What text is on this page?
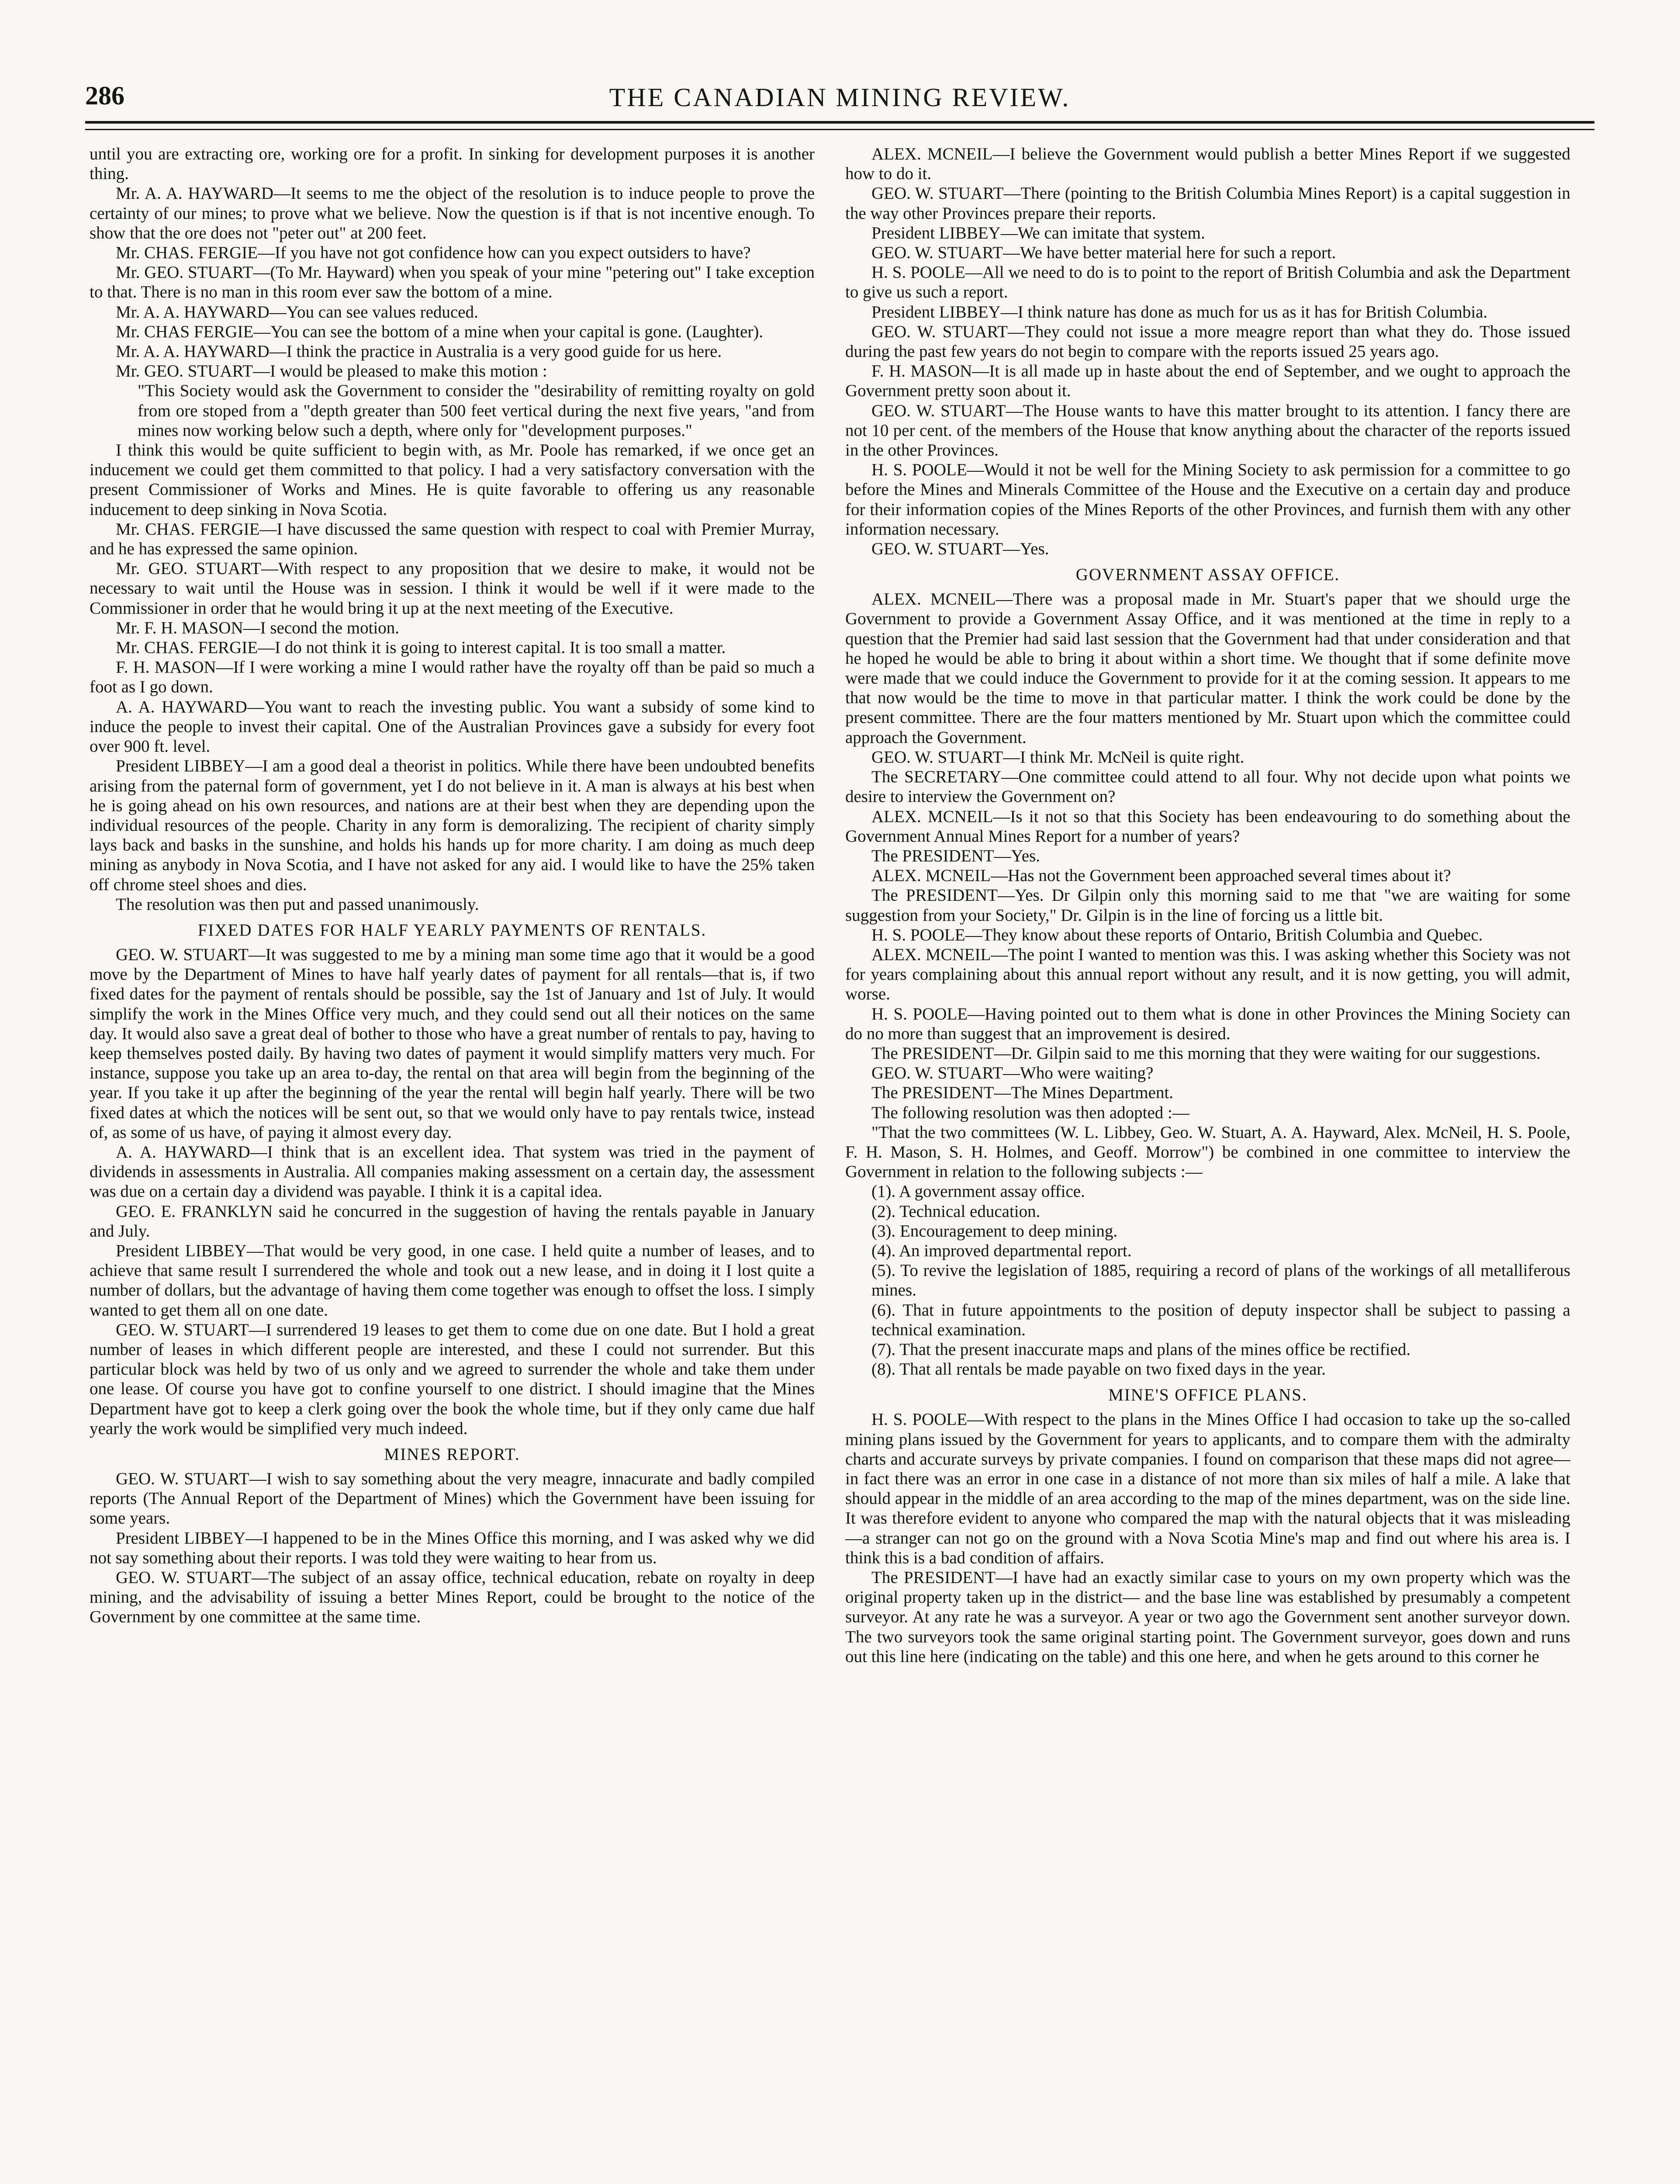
286	THE CANADIAN MINING REVIEW.

until you are extracting ore, working ore for a profit. In sinking for development purposes it is another thing.

Mr. A. A. HAYWARD—It seems to me the object of the resolution is to induce people to prove the certainty of our mines; to prove what we believe. Now the question is if that is not incentive enough. To show that the ore does not "peter out" at 200 feet.

Mr. CHAS. FERGIE—If you have not got confidence how can you expect outsiders to have?

Mr. GEO. STUART—(To Mr. Hayward) when you speak of your mine "petering out" I take exception to that. There is no man in this room ever saw the bottom of a mine.

Mr. A. A. HAYWARD—You can see values reduced.

Mr. CHAS FERGIE—You can see the bottom of a mine when your capital is gone. (Laughter).

Mr. A. A. HAYWARD—I think the practice in Australia is a very good guide for us here.

Mr. GEO. STUART—I would be pleased to make this motion :

"This Society would ask the Government to consider the "desirability of remitting royalty on gold from ore stoped from a "depth greater than 500 feet vertical during the next five years, "and from mines now working below such a depth, where only for "development purposes."

I think this would be quite sufficient to begin with, as Mr. Poole has remarked, if we once get an inducement we could get them committed to that policy. I had a very satisfactory conversation with the present Commissioner of Works and Mines. He is quite favorable to offering us any reasonable inducement to deep sinking in Nova Scotia.

Mr. CHAS. FERGIE—I have discussed the same question with respect to coal with Premier Murray, and he has expressed the same opinion.

Mr. GEO. STUART—With respect to any proposition that we desire to make, it would not be necessary to wait until the House was in session. I think it would be well if it were made to the Commissioner in order that he would bring it up at the next meeting of the Executive.

Mr. F. H. MASON—I second the motion.

Mr. CHAS. FERGIE—I do not think it is going to interest capital. It is too small a matter.

F. H. MASON—If I were working a mine I would rather have the royalty off than be paid so much a foot as I go down.

A. A. HAYWARD—You want to reach the investing public. You want a subsidy of some kind to induce the people to invest their capital. One of the Australian Provinces gave a subsidy for every foot over 900 ft. level.

President LIBBEY—I am a good deal a theorist in politics. While there have been undoubted benefits arising from the paternal form of government, yet I do not believe in it. A man is always at his best when he is going ahead on his own resources, and nations are at their best when they are depending upon the individual resources of the people. Charity in any form is demoralizing. The recipient of charity simply lays back and basks in the sunshine, and holds his hands up for more charity. I am doing as much deep mining as anybody in Nova Scotia, and I have not asked for any aid. I would like to have the 25% taken off chrome steel shoes and dies.

The resolution was then put and passed unanimously.

FIXED DATES FOR HALF YEARLY PAYMENTS OF RENTALS.

GEO. W. STUART—It was suggested to me by a mining man some time ago that it would be a good move by the Department of Mines to have half yearly dates of payment for all rentals—that is, if two fixed dates for the payment of rentals should be possible, say the 1st of January and 1st of July. It would simplify the work in the Mines Office very much, and they could send out all their notices on the same day. It would also save a great deal of bother to those who have a great number of rentals to pay, having to keep themselves posted daily. By having two dates of payment it would simplify matters very much. For instance, suppose you take up an area to-day, the rental on that area will begin from the beginning of the year. If you take it up after the beginning of the year the rental will begin half yearly. There will be two fixed dates at which the notices will be sent out, so that we would only have to pay rentals twice, instead of, as some of us have, of paying it almost every day.

A. A. HAYWARD—I think that is an excellent idea. That system was tried in the payment of dividends in assessments in Australia. All companies making assessment on a certain day, the assessment was due on a certain day a dividend was payable. I think it is a capital idea.

GEO. E. FRANKLYN said he concurred in the suggestion of having the rentals payable in January and July.

President LIBBEY—That would be very good, in one case. I held quite a number of leases, and to achieve that same result I surrendered the whole and took out a new lease, and in doing it I lost quite a number of dollars, but the advantage of having them come together was enough to offset the loss. I simply wanted to get them all on one date.

GEO. W. STUART—I surrendered 19 leases to get them to come due on one date. But I hold a great number of leases in which different people are interested, and these I could not surrender. But this particular block was held by two of us only and we agreed to surrender the whole and take them under one lease. Of course you have got to confine yourself to one district. I should imagine that the Mines Department have got to keep a clerk going over the book the whole time, but if they only came due half yearly the work would be simplified very much indeed.

MINES REPORT.

GEO. W. STUART—I wish to say something about the very meagre, innacurate and badly compiled reports (The Annual Report of the Department of Mines) which the Government have been issuing for some years.

President LIBBEY—I happened to be in the Mines Office this morning, and I was asked why we did not say something about their reports. I was told they were waiting to hear from us.

GEO. W. STUART—The subject of an assay office, technical education, rebate on royalty in deep mining, and the advisability of issuing a better Mines Report, could be brought to the notice of the Government by one committee at the same time.

ALEX. MCNEIL—I believe the Government would publish a better Mines Report if we suggested how to do it.

GEO. W. STUART—There (pointing to the British Columbia Mines Report) is a capital suggestion in the way other Provinces prepare their reports.

President LIBBEY—We can imitate that system.

GEO. W. STUART—We have better material here for such a report.

H. S. POOLE—All we need to do is to point to the report of British Columbia and ask the Department to give us such a report.

President LIBBEY—I think nature has done as much for us as it has for British Columbia.

GEO. W. STUART—They could not issue a more meagre report than what they do. Those issued during the past few years do not begin to compare with the reports issued 25 years ago.

F. H. MASON—It is all made up in haste about the end of September, and we ought to approach the Government pretty soon about it.

GEO. W. STUART—The House wants to have this matter brought to its attention. I fancy there are not 10 per cent. of the members of the House that know anything about the character of the reports issued in the other Provinces.

H. S. POOLE—Would it not be well for the Mining Society to ask permission for a committee to go before the Mines and Minerals Committee of the House and the Executive on a certain day and produce for their information copies of the Mines Reports of the other Provinces, and furnish them with any other information necessary.

GEO. W. STUART—Yes.

GOVERNMENT ASSAY OFFICE.

ALEX. MCNEIL—There was a proposal made in Mr. Stuart's paper that we should urge the Government to provide a Government Assay Office, and it was mentioned at the time in reply to a question that the Premier had said last session that the Government had that under consideration and that he hoped he would be able to bring it about within a short time. We thought that if some definite move were made that we could induce the Government to provide for it at the coming session. It appears to me that now would be the time to move in that particular matter. I think the work could be done by the present committee. There are the four matters mentioned by Mr. Stuart upon which the committee could approach the Government.

GEO. W. STUART—I think Mr. McNeil is quite right.

The SECRETARY—One committee could attend to all four. Why not decide upon what points we desire to interview the Government on?

ALEX. MCNEIL—Is it not so that this Society has been endeavouring to do something about the Government Annual Mines Report for a number of years?

The PRESIDENT—Yes.

ALEX. MCNEIL—Has not the Government been approached several times about it?

The PRESIDENT—Yes. Dr Gilpin only this morning said to me that "we are waiting for some suggestion from your Society," Dr. Gilpin is in the line of forcing us a little bit.

H. S. POOLE—They know about these reports of Ontario, British Columbia and Quebec.

ALEX. MCNEIL—The point I wanted to mention was this. I was asking whether this Society was not for years complaining about this annual report without any result, and it is now getting, you will admit, worse.

H. S. POOLE—Having pointed out to them what is done in other Provinces the Mining Society can do no more than suggest that an improvement is desired.

The PRESIDENT—Dr. Gilpin said to me this morning that they were waiting for our suggestions.

GEO. W. STUART—Who were waiting?

The PRESIDENT—The Mines Department.

The following resolution was then adopted :—

"That the two committees (W. L. Libbey, Geo. W. Stuart, A. A. Hayward, Alex. McNeil, H. S. Poole, F. H. Mason, S. H. Holmes, and Geoff. Morrow") be combined in one committee to interview the Government in relation to the following subjects :—

(1). A government assay office.

(2). Technical education.

(3). Encouragement to deep mining.

(4). An improved departmental report.

(5). To revive the legislation of 1885, requiring a record of plans of the workings of all metalliferous mines.

(6). That in future appointments to the position of deputy inspector shall be subject to passing a technical examination.

(7). That the present inaccurate maps and plans of the mines office be rectified.

(8). That all rentals be made payable on two fixed days in the year.

MINE'S OFFICE PLANS.

H. S. POOLE—With respect to the plans in the Mines Office I had occasion to take up the so-called mining plans issued by the Government for years to applicants, and to compare them with the admiralty charts and accurate surveys by private companies. I found on comparison that these maps did not agree—in fact there was an error in one case in a distance of not more than six miles of half a mile. A lake that should appear in the middle of an area according to the map of the mines department, was on the side line. It was therefore evident to anyone who compared the map with the natural objects that it was misleading—a stranger can not go on the ground with a Nova Scotia Mine's map and find out where his area is. I think this is a bad condition of affairs.

The PRESIDENT—I have had an exactly similar case to yours on my own property which was the original property taken up in the district— and the base line was established by presumably a competent surveyor. At any rate he was a surveyor. A year or two ago the Government sent another surveyor down. The two surveyors took the same original starting point. The Government surveyor, goes down and runs out this line here (indicating on the table) and this one here, and when he gets around to this corner he
